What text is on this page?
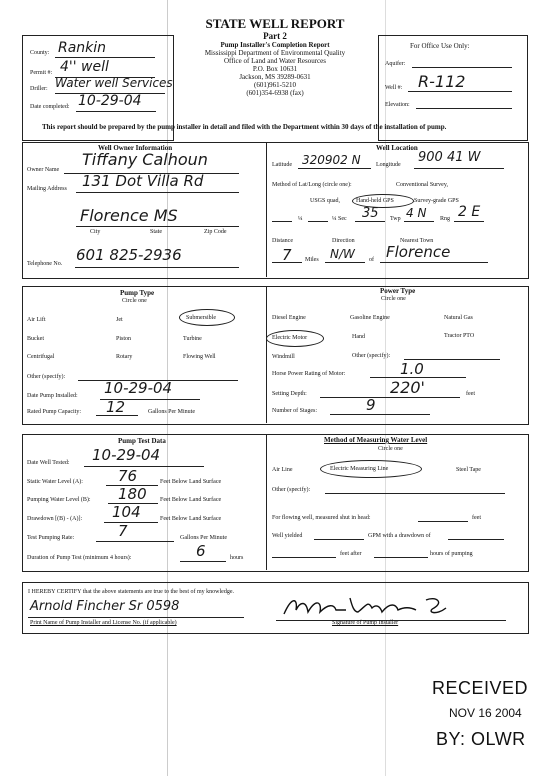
STATE WELL REPORT
Part 2
Pump Installer's Completion Report
Mississippi Department of Environmental Quality
Office of Land and Water Resources
P.O. Box 10631
Jackson, MS 39289-0631
(601)961-5210
(601)354-6938 (fax)
County: Rankin
Permit #: 4'' well
Driller: Water well Services
Date completed: 10-29-04
For Office Use Only:
Aquifer:
Well #: R-112
Elevation:
This report should be prepared by the pump installer in detail and filed with the Department within 30 days of the installation of pump.
Well Owner Information
Owner Name
Tiffany Calhoun
Mailing Address 131 Dot Villa Rd
Florence MS
City	State	Zip Code
Telephone No. 601 825-2936
Well Location
Latitude 320902 N	Longitude 900 41 W
Method of Lat/Long (circle one):	Conventional Survey,
USGS quad,	Hand-held GPS	Survey-grade GPS
¼	¼ Sec 35 Twp 4 N Rng 2 E
Distance	Direction	Nearest Town
7 Miles N/W of Florence
Pump Type
Circle one
Air Lift	Jet	Submersible
Bucket	Piston	Turbine
Centrifugal	Rotary	Flowing Well
Other (specify):
Date Pump Installed: 10-29-04
Rated Pump Capacity: 12	Gallons Per Minute
Power Type
Circle one
Diesel Engine	Gasoline Engine	Natural Gas
Electric Motor	Hand	Tractor PTO
Windmill	Other (specify):
Horse Power Rating of Motor:	1.0
Setting Depth:	220'	feet
Number of Stages:	9
Pump Test Data
Date Well Tested: 10-29-04
Static Water Level (A): 76	Feet Below Land Surface
Pumping Water Level (B): 180 Feet Below Land Surface
Drawdown [(B) - (A)]: 104	Feet Below Land Surface
Test Pumping Rate:	7	Gallons Per Minute
Duration of Pump Test (minimum 4 hours):	6	hours
Method of Measuring Water Level
Circle one
Air Line	Electric Measuring Line	Steel Tape
Other (specify):
For flowing well, measured shut in head:	feet
Well yielded	GPM with a drawdown of
feet after	hours of pumping
I HEREBY CERTIFY that the above statements are true to the best of my knowledge.
Arnold Fincher Sr 0598
Print Name of Pump Installer and License No. (if applicable)	Signature of Pump Installer
RECEIVED
NOV 16 2004
BY: OLWR
